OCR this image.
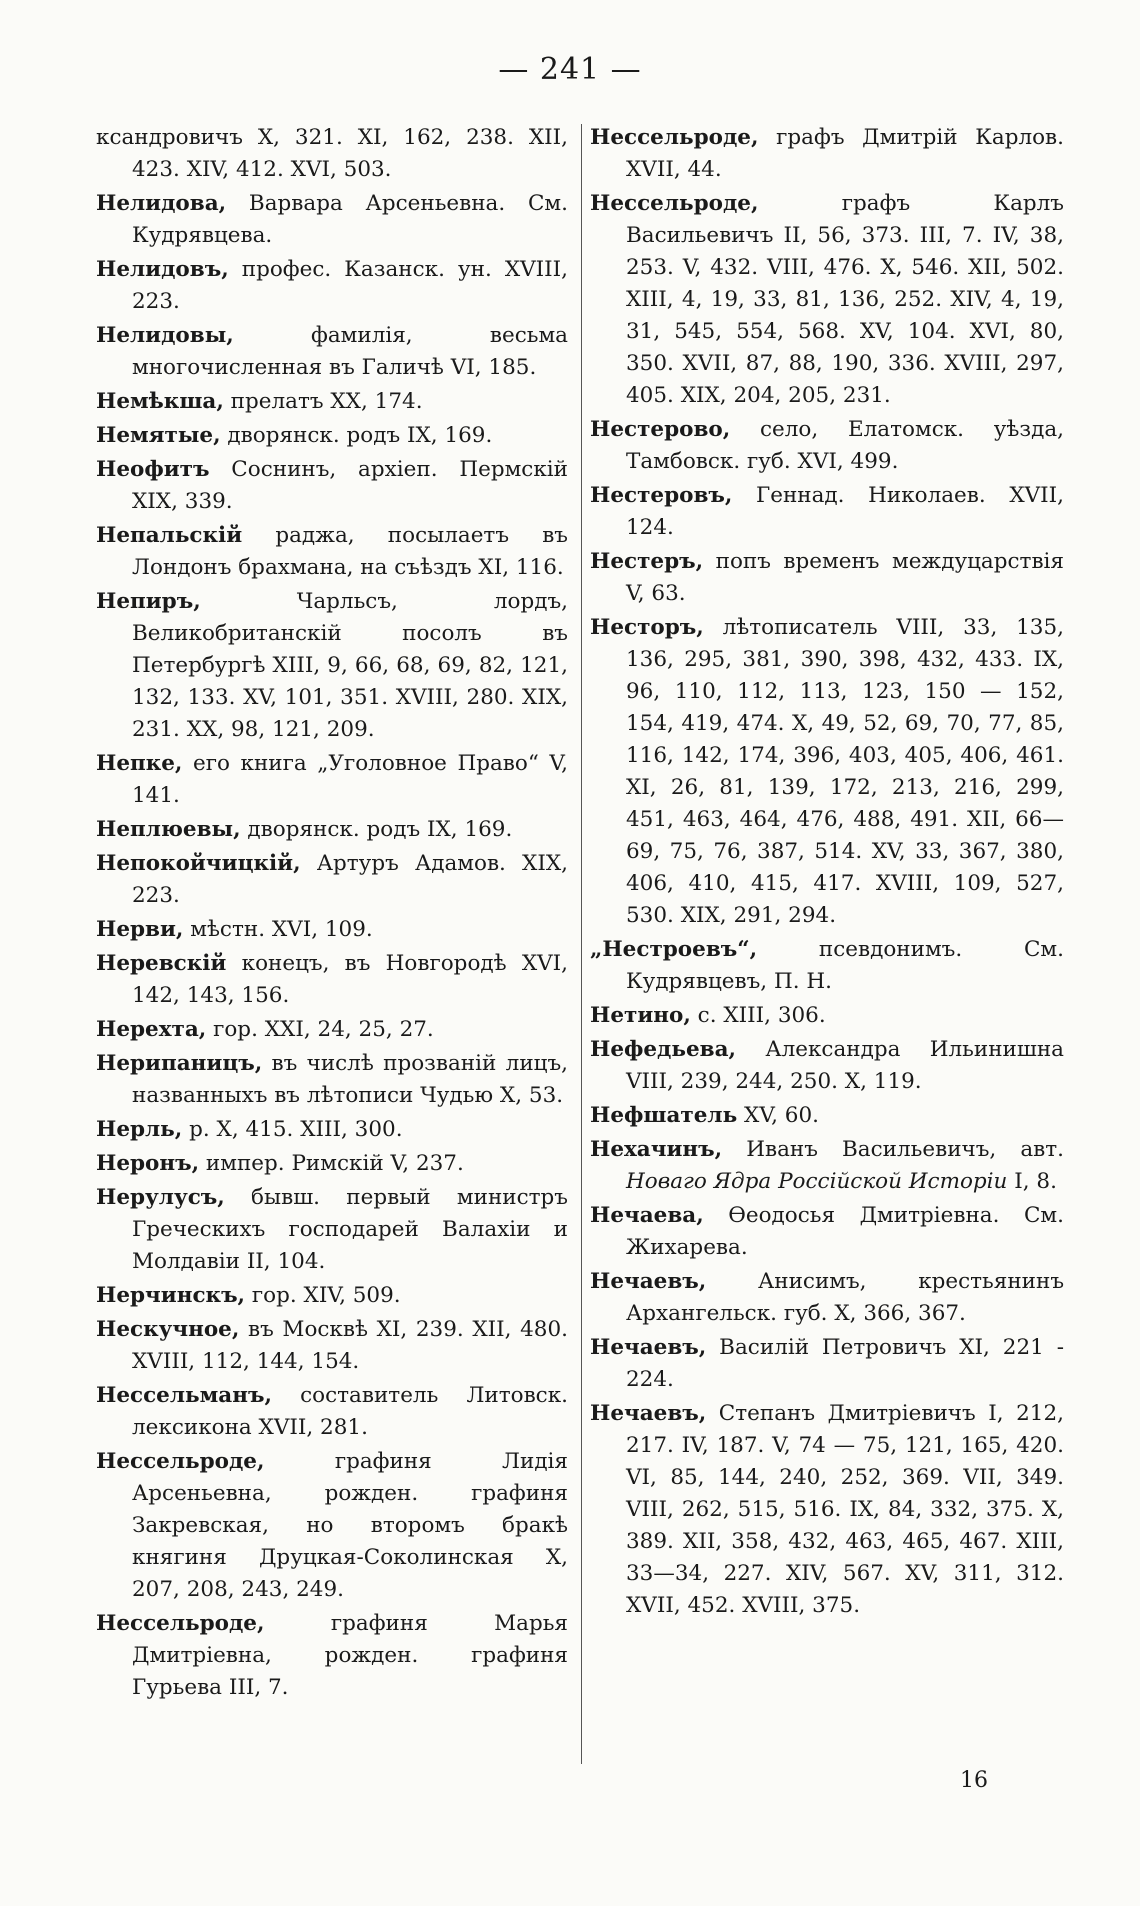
— 241 —
ксандровичъ X, 321. XI, 162, 238. XII, 423. XIV, 412. XVI, 503.
Нелидова, Варвара Арсеньевна. См. Кудрявцева.
Нелидовъ, профес. Казанск. ун. XVIII, 223.
Нелидовы, фамилія, весьма многочисленная въ Галичѣ VI, 185.
Немѣкша, прелатъ XX, 174.
Немятые, дворянск. родъ IX, 169.
Неофитъ Соснинъ, архіеп. Пермскій XIX, 339.
Непальскій раджа, посылаетъ въ Лондонъ брахмана, на съѣздъ XI, 116.
Непиръ, Чарльсъ, лордъ, Великобританскій посолъ въ Петербургѣ XIII, 9, 66, 68, 69, 82, 121, 132, 133. XV, 101, 351. XVIII, 280. XIX, 231. XX, 98, 121, 209.
Непке, его книга „Уголовное Право“ V, 141.
Неплюевы, дворянск. родъ IX, 169.
Непокойчицкій, Артуръ Адамов. XIX, 223.
Нерви, мѣстн. XVI, 109.
Неревскій конецъ, въ Новгородѣ XVI, 142, 143, 156.
Нерехта, гор. XXI, 24, 25, 27.
Нерипаницъ, въ числѣ прозваній лицъ, названныхъ въ лѣтописи Чудью X, 53.
Нерль, р. X, 415. XIII, 300.
Неронъ, импер. Римскій V, 237.
Нерулусъ, бывш. первый министръ Греческихъ господарей Валахіи и Молдавіи II, 104.
Нерчинскъ, гор. XIV, 509.
Нескучное, въ Москвѣ XI, 239. XII, 480. XVIII, 112, 144, 154.
Нессельманъ, составитель Литовск. лексикона XVII, 281.
Нессельроде, графиня Лидія Арсеньевна, рожден. графиня Закревская, но второмъ бракѣ княгиня Друцкая-Соколинская X, 207, 208, 243, 249.
Нессельроде, графиня Марья Дмитріевна, рожден. графиня Гурьева III, 7.
Нессельроде, графъ Дмитрій Карлов. XVII, 44.
Нессельроде, графъ Карлъ Васильевичъ II, 56, 373. III, 7. IV, 38, 253. V, 432. VIII, 476. X, 546. XII, 502. XIII, 4, 19, 33, 81, 136, 252. XIV, 4, 19, 31, 545, 554, 568. XV, 104. XVI, 80, 350. XVII, 87, 88, 190, 336. XVIII, 297, 405. XIX, 204, 205, 231.
Нестерово, село, Елатомск. уѣзда, Тамбовск. губ. XVI, 499.
Нестеровъ, Геннад. Николаев. XVII, 124.
Нестеръ, попъ временъ междуцарствія V, 63.
Несторъ, лѣтописатель VIII, 33, 135, 136, 295, 381, 390, 398, 432, 433. IX, 96, 110, 112, 113, 123, 150 — 152, 154, 419, 474. X, 49, 52, 69, 70, 77, 85, 116, 142, 174, 396, 403, 405, 406, 461. XI, 26, 81, 139, 172, 213, 216, 299, 451, 463, 464, 476, 488, 491. XII, 66—69, 75, 76, 387, 514. XV, 33, 367, 380, 406, 410, 415, 417. XVIII, 109, 527, 530. XIX, 291, 294.
„Нестроевъ“, псевдонимъ. См. Кудрявцевъ, П. Н.
Нетино, с. XIII, 306.
Нефедьева, Александра Ильинишна VIII, 239, 244, 250. X, 119.
Нефшатель XV, 60.
Нехачинъ, Иванъ Васильевичъ, авт. Новаго Ядра Россійской Исторіи I, 8.
Нечаева, Ѳеодосья Дмитріевна. См. Жихарева.
Нечаевъ, Анисимъ, крестьянинъ Архангельск. губ. X, 366, 367.
Нечаевъ, Василій Петровичъ XI, 221 - 224.
Нечаевъ, Степанъ Дмитріевичъ I, 212, 217. IV, 187. V, 74 — 75, 121, 165, 420. VI, 85, 144, 240, 252, 369. VII, 349. VIII, 262, 515, 516. IX, 84, 332, 375. X, 389. XII, 358, 432, 463, 465, 467. XIII, 33—34, 227. XIV, 567. XV, 311, 312. XVII, 452. XVIII, 375.
16
